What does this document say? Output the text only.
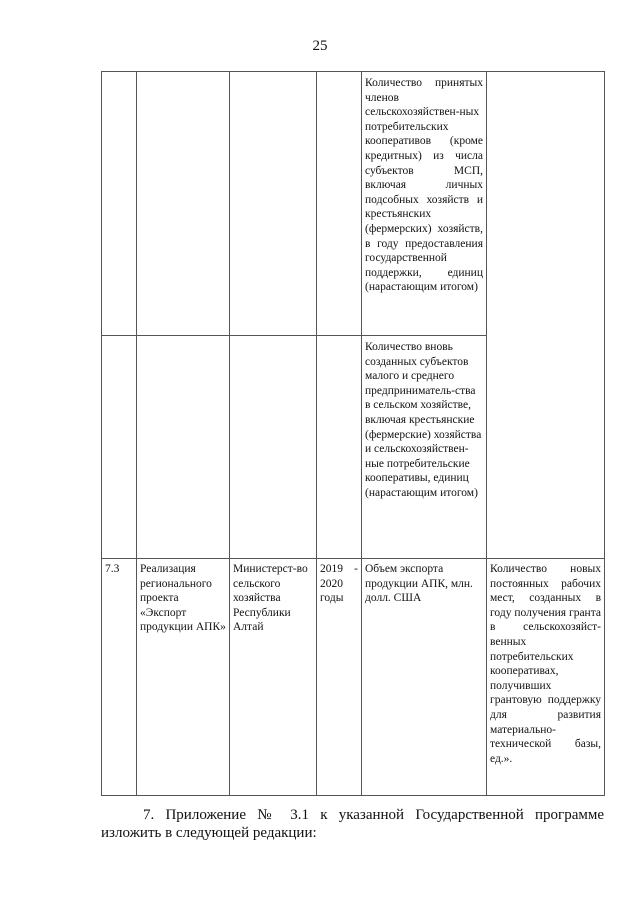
25
				Количество принятых членов сельскохозяйствен-ных потребительских кооперативов (кроме кредитных) из числа субъектов МСП, включая личных подсобных хозяйств и крестьянских (фермерских) хозяйств, в году предоставления государственной поддержки, единиц (нарастающим итогом)	
				Количество вновь созданных субъектов малого и среднего предприниматель-ства в сельском хозяйстве, включая крестьянские (фермерские) хозяйства и сельскохозяйствен-ные потребительские кооперативы, единиц (нарастающим итогом)	
7.3	Реализация регионального проекта «Экспорт продукции АПК»	Министерст-во сельского хозяйства Республики Алтай	2019 - 2020 годы	Объем экспорта продукции АПК, млн. долл. США	Количество новых постоянных рабочих мест, созданных в году получения гранта в сельскохозяйст-венных потребительских кооперативах, получивших грантовую поддержку для развития материально-технической базы, ед.».
7. Приложение № 3.1 к указанной Государственной программе изложить в следующей редакции:
